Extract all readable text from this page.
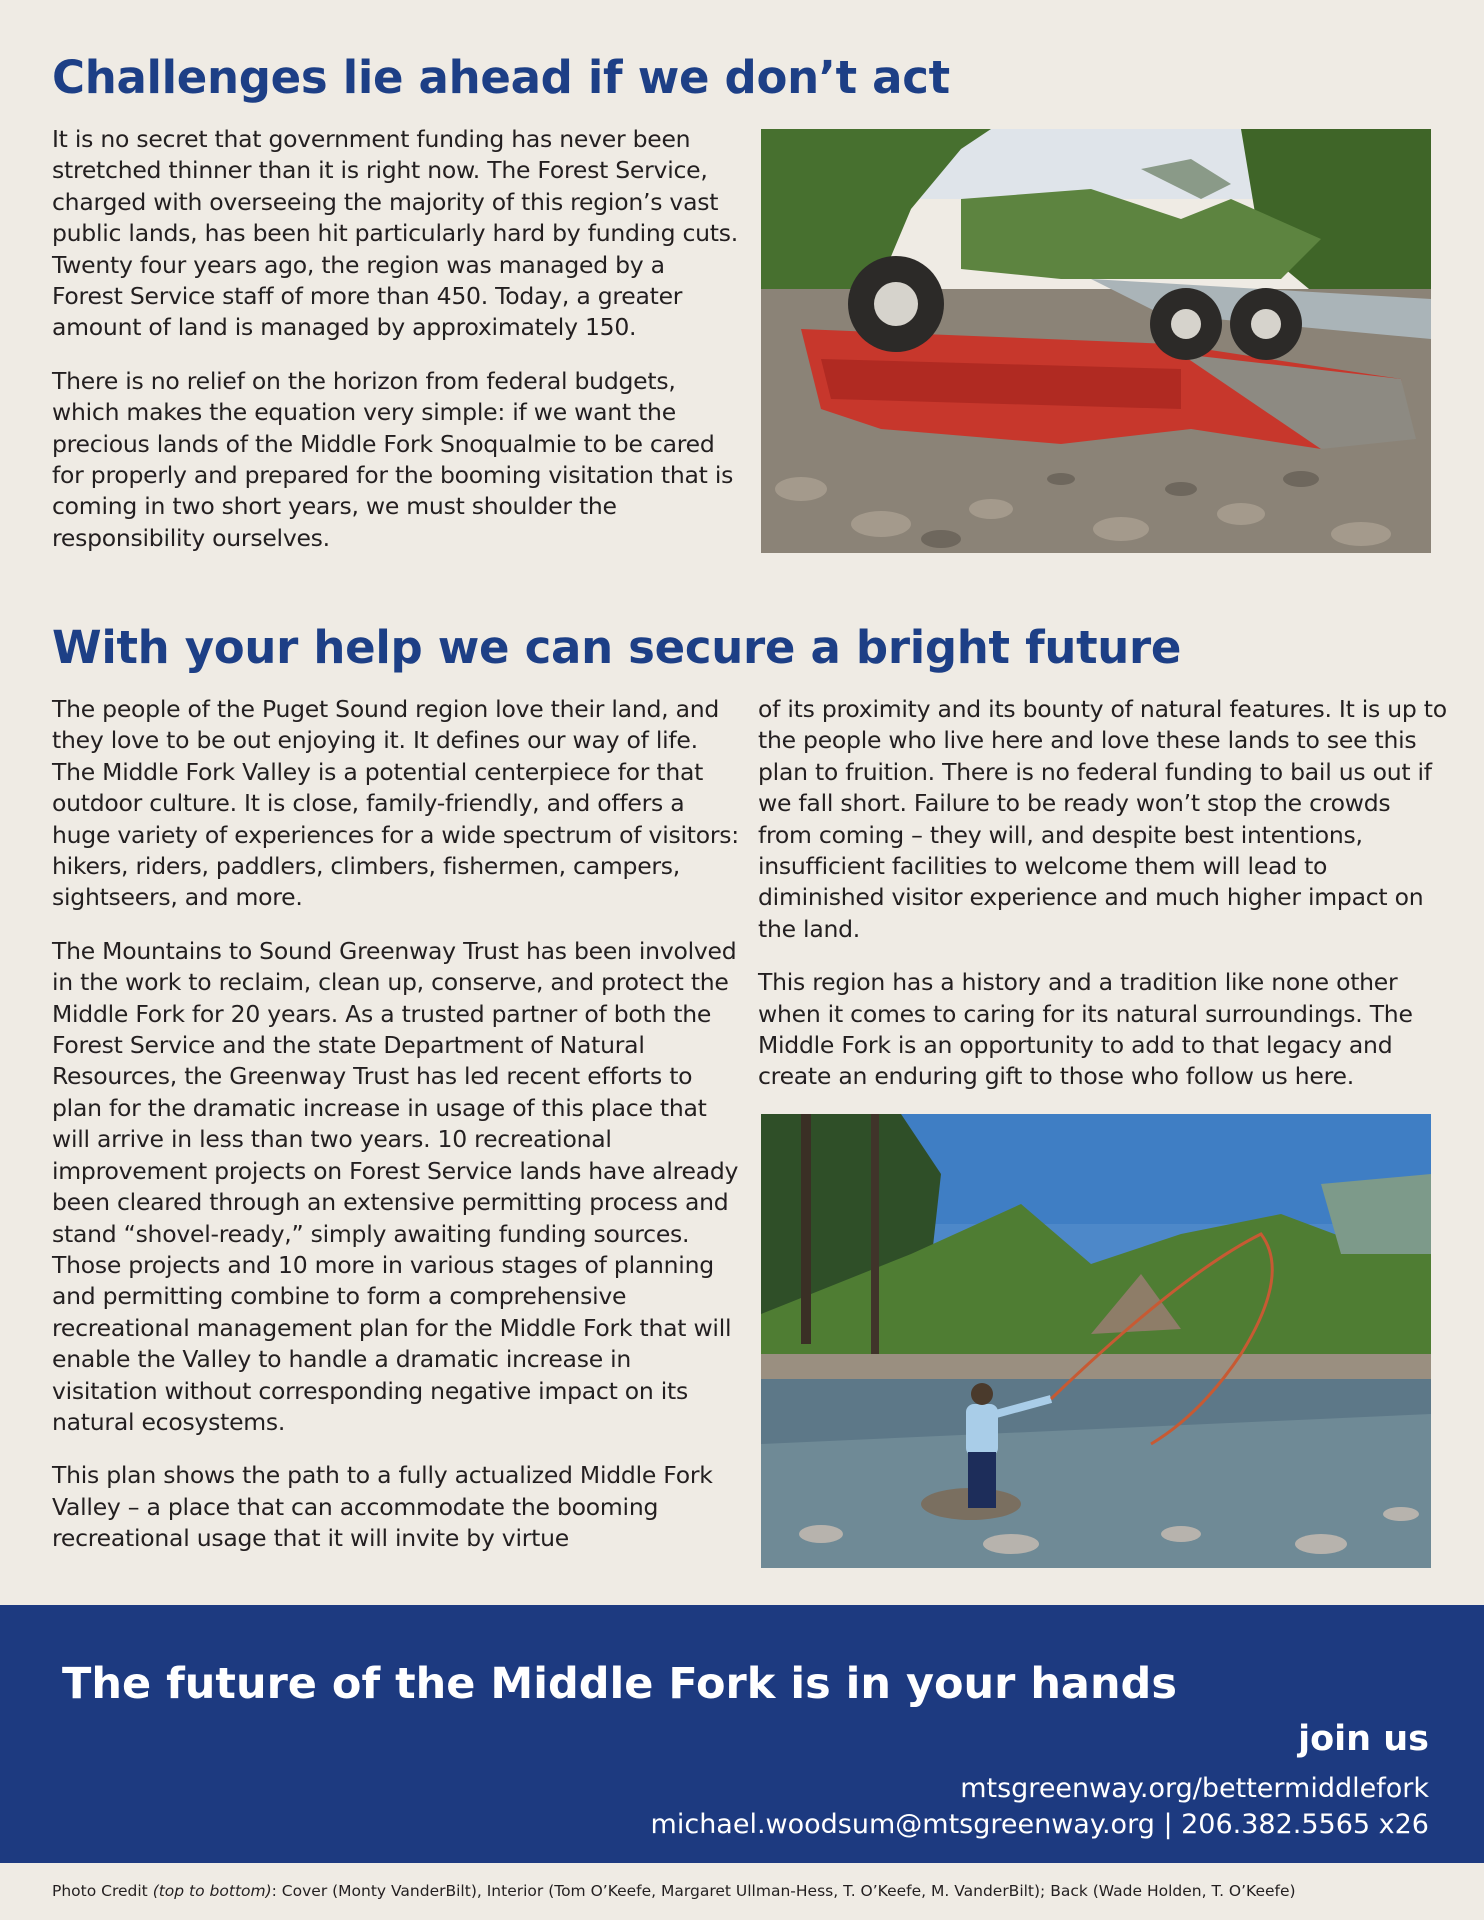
Challenges lie ahead if we don’t act

It is no secret that government funding has never been stretched thinner than it is right now. The Forest Service, charged with overseeing the majority of this region’s vast public lands, has been hit particularly hard by funding cuts. Twenty four years ago, the region was managed by a Forest Service staff of more than 450. Today, a greater amount of land is managed by approximately 150.

There is no relief on the horizon from federal budgets, which makes the equation very simple: if we want the precious lands of the Middle Fork Snoqualmie to be cared for properly and prepared for the booming visitation that is coming in two short years, we must shoulder the responsibility ourselves.

With your help we can secure a bright future

The people of the Puget Sound region love their land, and they love to be out enjoying it. It defines our way of life. The Middle Fork Valley is a potential centerpiece for that outdoor culture. It is close, family-friendly, and offers a huge variety of experiences for a wide spectrum of visitors: hikers, riders, paddlers, climbers, fishermen, campers, sightseers, and more.

The Mountains to Sound Greenway Trust has been involved in the work to reclaim, clean up, conserve, and protect the Middle Fork for 20 years. As a trusted partner of both the Forest Service and the state Department of Natural Resources, the Greenway Trust has led recent efforts to plan for the dramatic increase in usage of this place that will arrive in less than two years. 10 recreational improvement projects on Forest Service lands have already been cleared through an extensive permitting process and stand “shovel-ready,” simply awaiting funding sources. Those projects and 10 more in various stages of planning and permitting combine to form a comprehensive recreational management plan for the Middle Fork that will enable the Valley to handle a dramatic increase in visitation without corresponding negative impact on its natural ecosystems.

This plan shows the path to a fully actualized Middle Fork Valley – a place that can accommodate the booming recreational usage that it will invite by virtue

of its proximity and its bounty of natural features. It is up to the people who live here and love these lands to see this plan to fruition. There is no federal funding to bail us out if we fall short. Failure to be ready won’t stop the crowds from coming – they will, and despite best intentions, insufficient facilities to welcome them will lead to diminished visitor experience and much higher impact on the land.

This region has a history and a tradition like none other when it comes to caring for its natural surroundings. The Middle Fork is an opportunity to add to that legacy and create an enduring gift to those who follow us here.

The future of the Middle Fork is in your hands
join us
mtsgreenway.org/bettermiddlefork
michael.woodsum@mtsgreenway.org | 206.382.5565 x26
Photo Credit (top to bottom): Cover (Monty VanderBilt), Interior (Tom O’Keefe, Margaret Ullman-Hess, T. O’Keefe, M. VanderBilt); Back (Wade Holden, T. O’Keefe)
